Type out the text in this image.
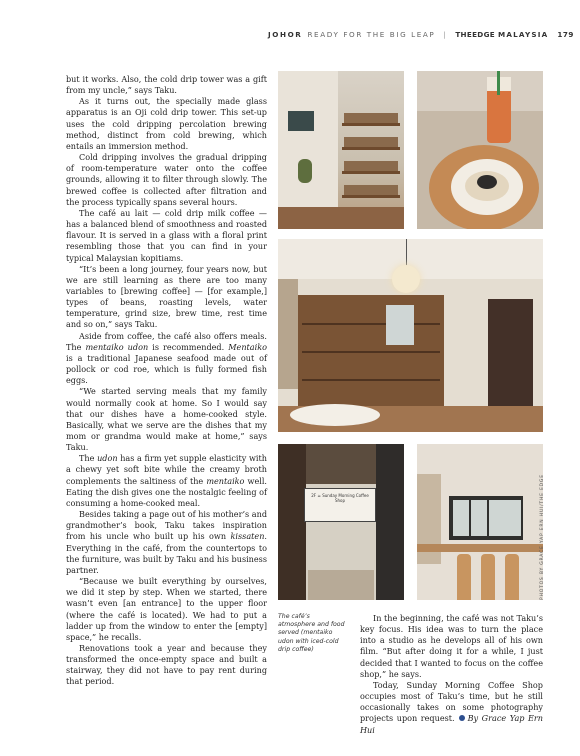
JOHOR READY FOR THE BIG LEAP | THE EDGE MALAYSIA 179

but it works. Also, the cold drip tower was a gift from my uncle,” says Taku.

As it turns out, the specially made glass apparatus is an Oji cold drip tower. This set-up uses the cold dripping percolation brewing method, distinct from cold brewing, which entails an immersion method.

Cold dripping involves the gradual dripping of room-temperature water onto the coffee grounds, allowing it to filter through slowly. The brewed coffee is collected after filtration and the process typically spans several hours.

The café au lait — cold drip milk coffee — has a balanced blend of smoothness and roasted flavour. It is served in a glass with a floral print resembling those that you can find in your typical Malaysian kopitiams.

“It’s been a long journey, four years now, but we are still learning as there are too many variables to [brewing coffee] — [for example,] types of beans, roasting levels, water temperature, grind size, brew time, rest time and so on,” says Taku.

Aside from coffee, the café also offers meals. The mentaiko udon is recommended. Mentaiko is a traditional Japanese seafood made out of pollock or cod roe, which is fully formed fish eggs.

“We started serving meals that my family would normally cook at home. So I would say that our dishes have a home-cooked style. Basically, what we serve are the dishes that my mom or grandma would make at home,” says Taku.

The udon has a firm yet supple elasticity with a chewy yet soft bite while the creamy broth complements the saltiness of the mentaiko well. Eating the dish gives one the nostalgic feeling of consuming a home-cooked meal.

Besides taking a page out of his mother’s and grandmother’s book, Taku takes inspiration from his uncle who built up his own kissaten. Everything in the café, from the countertops to the furniture, was built by Taku and his business partner.

“Because we built everything by ourselves, we did it step by step. When we started, there wasn’t even [an entrance] to the upper floor (where the café is located). We had to put a ladder up from the window to enter the [empty] space,” he recalls.

Renovations took a year and because they transformed the once-empty space and built a stairway, they did not have to pay rent during that period.

2F ☕ Sunday Morning Coffee Shop	PHOTOS BY GRACE YAP ERN HUI/THE EDGE
The café’s atmosphere and food served (mentaiko udon with iced-cold drip coffee)

In the beginning, the café was not Taku’s key focus. His idea was to turn the place into a studio as he develops all of his own film. “But after doing it for a while, I just decided that I wanted to focus on the coffee shop,” he says.

Today, Sunday Morning Coffee Shop occupies most of Taku’s time, but he still occasionally takes on some photography projects upon request. By Grace Yap Ern Hui
